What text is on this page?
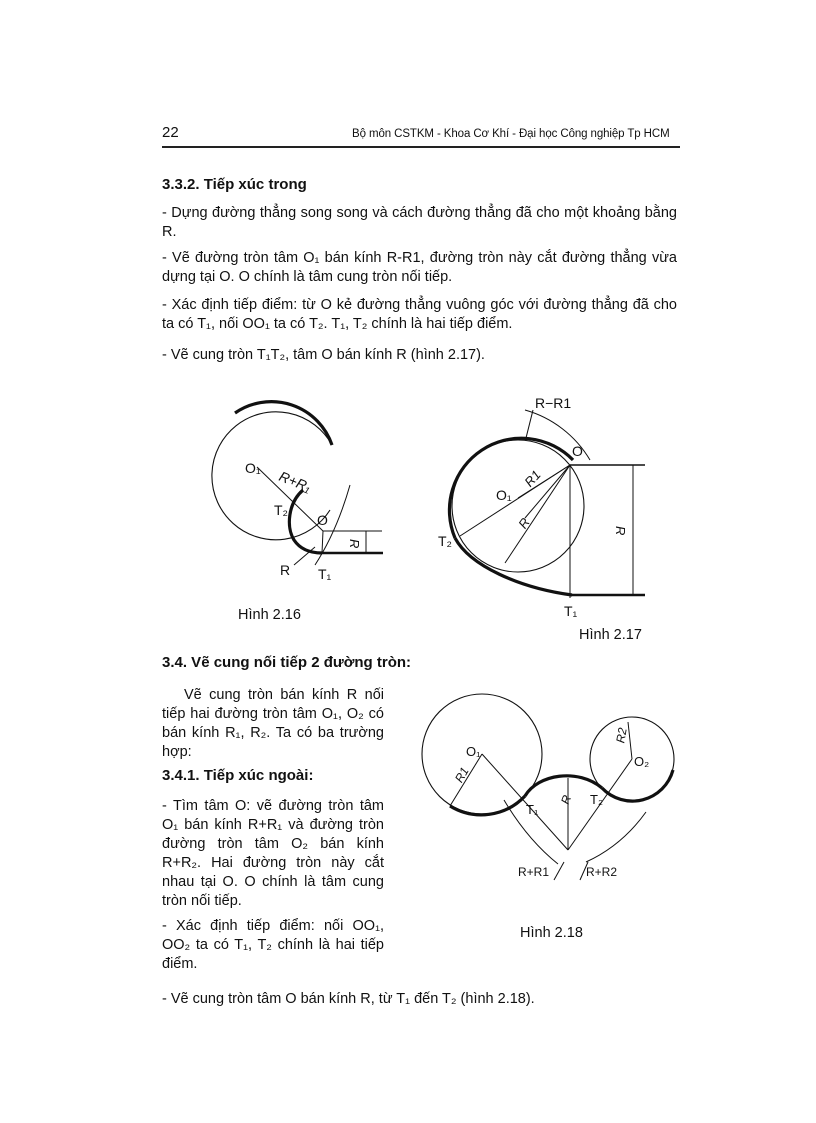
22	Bộ môn CSTKM - Khoa Cơ Khí - Đại học Công nghiệp Tp HCM
3.3.2. Tiếp xúc trong
- Dựng đường thẳng song song và cách đường thẳng đã cho một khoảng bằng R.
- Vẽ đường tròn tâm O₁ bán kính R-R1, đường tròn này cắt đường thẳng vừa dựng tại O. O chính là tâm cung tròn nối tiếp.
- Xác định tiếp điểm: từ O kẻ đường thẳng vuông góc với đường thẳng đã cho ta có T₁, nối OO₁ ta có T₂. T₁, T₂ chính là hai tiếp điểm.
- Vẽ cung tròn T₁T₂, tâm O bán kính R (hình 2.17).
O₁ R+R₁
T₂
O
R
R T₁
Hình 2.16
R−R1
O
O₁
R1
R	R
T₂
T₁
Hình 2.17
3.4. Vẽ cung nối tiếp 2 đường tròn:
Vẽ cung tròn bán kính R nối tiếp hai đường tròn tâm O₁, O₂ có bán kính R₁, R₂. Ta có ba trường hợp:
3.4.1. Tiếp xúc ngoài:
- Tìm tâm O: vẽ đường tròn tâm O₁ bán kính R+R₁ và đường tròn đường tròn tâm O₂ bán kính R+R₂. Hai đường tròn này cắt nhau tại O. O chính là tâm cung tròn nối tiếp.
- Xác định tiếp điểm: nối OO₁, OO₂ ta có T₁, T₂ chính là hai tiếp điểm.
- Vẽ cung tròn tâm O bán kính R, từ T₁ đến T₂ (hình 2.18).
O₁
R1
R2
O₂
T₁
T₂
R
R+R1	R+R2
Hình 2.18
